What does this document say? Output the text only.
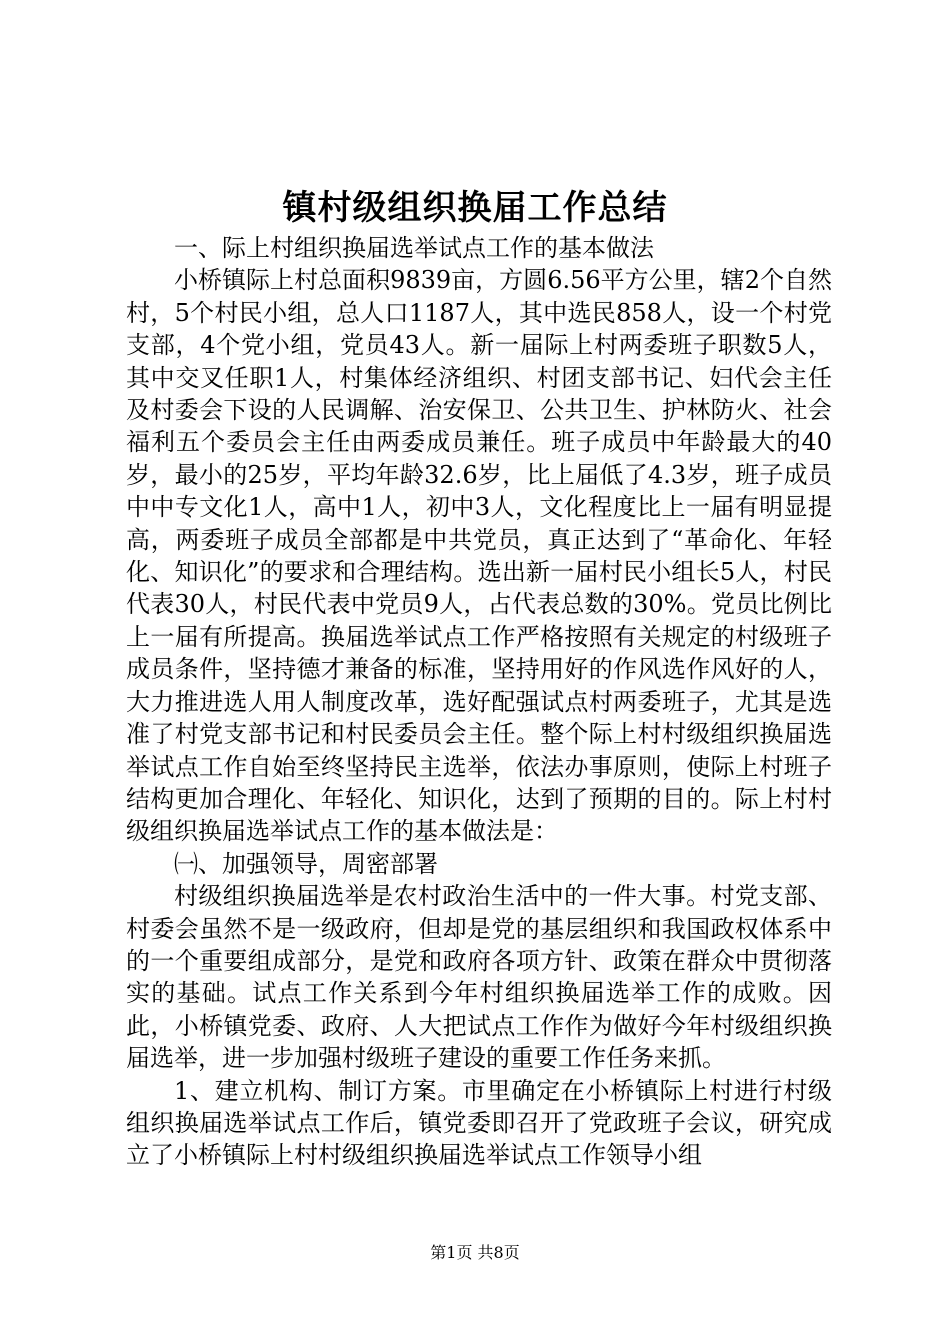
镇村级组织换届工作总结

一、际上村组织换届选举试点工作的基本做法

小桥镇际上村总面积9839亩，方圆6.56平方公里，辖2个自然村，5个村民小组，总人口1187人，其中选民858人，设一个村党支部，4个党小组，党员43人。新一届际上村两委班子职数5人，其中交叉任职1人，村集体经济组织、村团支部书记、妇代会主任及村委会下设的人民调解、治安保卫、公共卫生、护林防火、社会福利五个委员会主任由两委成员兼任。班子成员中年龄最大的40岁，最小的25岁，平均年龄32.6岁，比上届低了4.3岁，班子成员中中专文化1人，高中1人，初中3人，文化程度比上一届有明显提高，两委班子成员全部都是中共党员，真正达到了“革命化、年轻化、知识化”的要求和合理结构。选出新一届村民小组长5人，村民代表30人，村民代表中党员9人，占代表总数的30%。党员比例比上一届有所提高。换届选举试点工作严格按照有关规定的村级班子成员条件，坚持德才兼备的标准，坚持用好的作风选作风好的人，大力推进选人用人制度改革，选好配强试点村两委班子，尤其是选准了村党支部书记和村民委员会主任。整个际上村村级组织换届选举试点工作自始至终坚持民主选举，依法办事原则，使际上村班子结构更加合理化、年轻化、知识化，达到了预期的目的。际上村村级组织换届选举试点工作的基本做法是：

㈠、加强领导，周密部署

村级组织换届选举是农村政治生活中的一件大事。村党支部、村委会虽然不是一级政府，但却是党的基层组织和我国政权体系中的一个重要组成部分，是党和政府各项方针、政策在群众中贯彻落实的基础。试点工作关系到今年村组织换届选举工作的成败。因此，小桥镇党委、政府、人大把试点工作作为做好今年村级组织换届选举，进一步加强村级班子建设的重要工作任务来抓。

1、建立机构、制订方案。市里确定在小桥镇际上村进行村级组织换届选举试点工作后，镇党委即召开了党政班子会议，研究成立了小桥镇际上村村级组织换届选举试点工作领导小组

第1页 共8页
